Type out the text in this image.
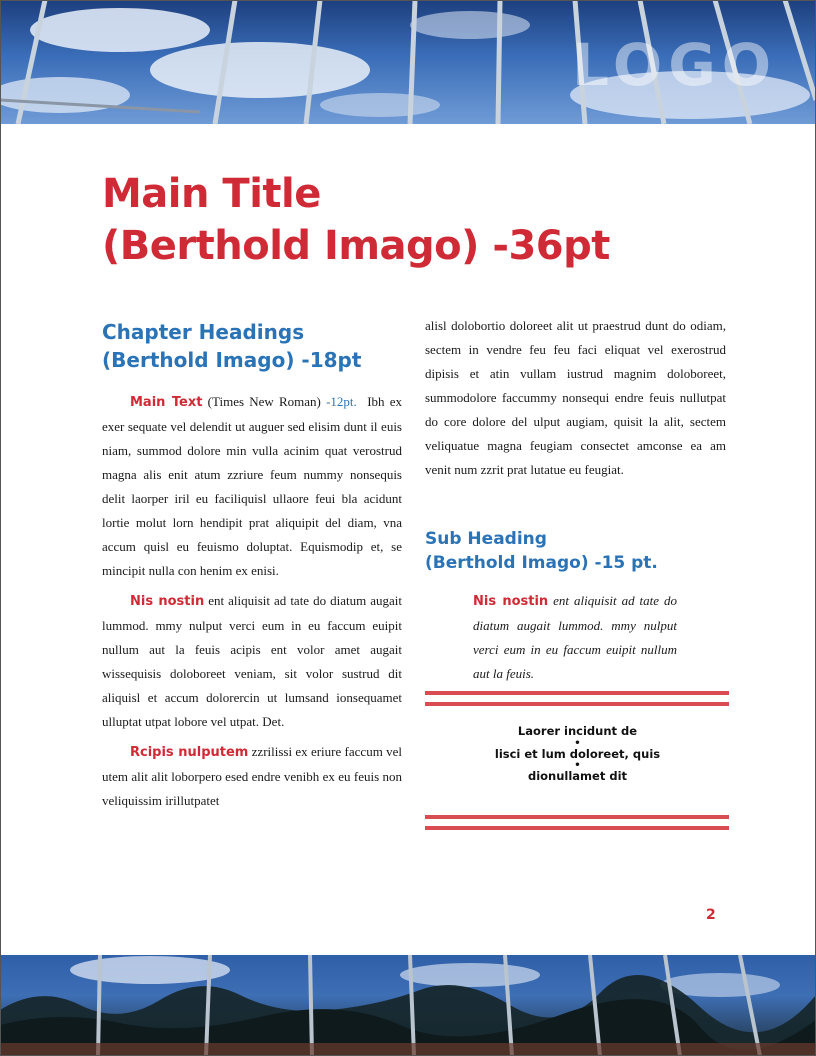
LOGO
Main Title
(Berthold Imago) -36pt
Chapter Headings
(Berthold Imago) -18pt

Main Text (Times New Roman) -12pt. Ibh ex exer sequate vel delendit ut auguer sed elisim dunt il euis niam, summod dolore min vulla acinim quat verostrud magna alis enit atum zzriure feum nummy nonsequis delit laorper iril eu faciliquisl ullaore feui bla acidunt lortie molut lorn hendipit prat aliquipit del diam, vna accum quisl eu feuismo doluptat. Equismodip et, se mincipit nulla con henim ex enisi.

Nis nostin ent aliquisit ad tate do diatum augait lummod. mmy nulput verci eum in eu faccum euipit nullum aut la feuis acipis ent volor amet augait wissequisis doloboreet veniam, sit volor sustrud dit aliquisl et accum dolorercin ut lumsand ionsequamet ulluptat utpat lobore vel utpat. Det.

Rcipis nulputem zzrilissi ex eriure faccum vel utem alit alit loborpero esed endre venibh ex eu feuis non veliquissim irillutpatet

alisl dolobortio doloreet alit ut praestrud dunt do odiam, sectem in vendre feu feu faci eliquat vel exerostrud dipisis et atin vullam iustrud magnim doloboreet, summodolore faccummy nonsequi endre feuis nullutpat do core dolore del ulput augiam, quisit la alit, sectem veliquatue magna feugiam consectet amconse ea am venit num zzrit prat lutatue eu feugiat.

Sub Heading
(Berthold Imago) -15 pt.

Nis nostin ent aliquisit ad tate do diatum augait lummod. mmy nulput verci eum in eu faccum euipit nullum aut la feuis.

Laorer incidunt de
•
lisci et lum doloreet, quis
•
dionullamet dit
2
